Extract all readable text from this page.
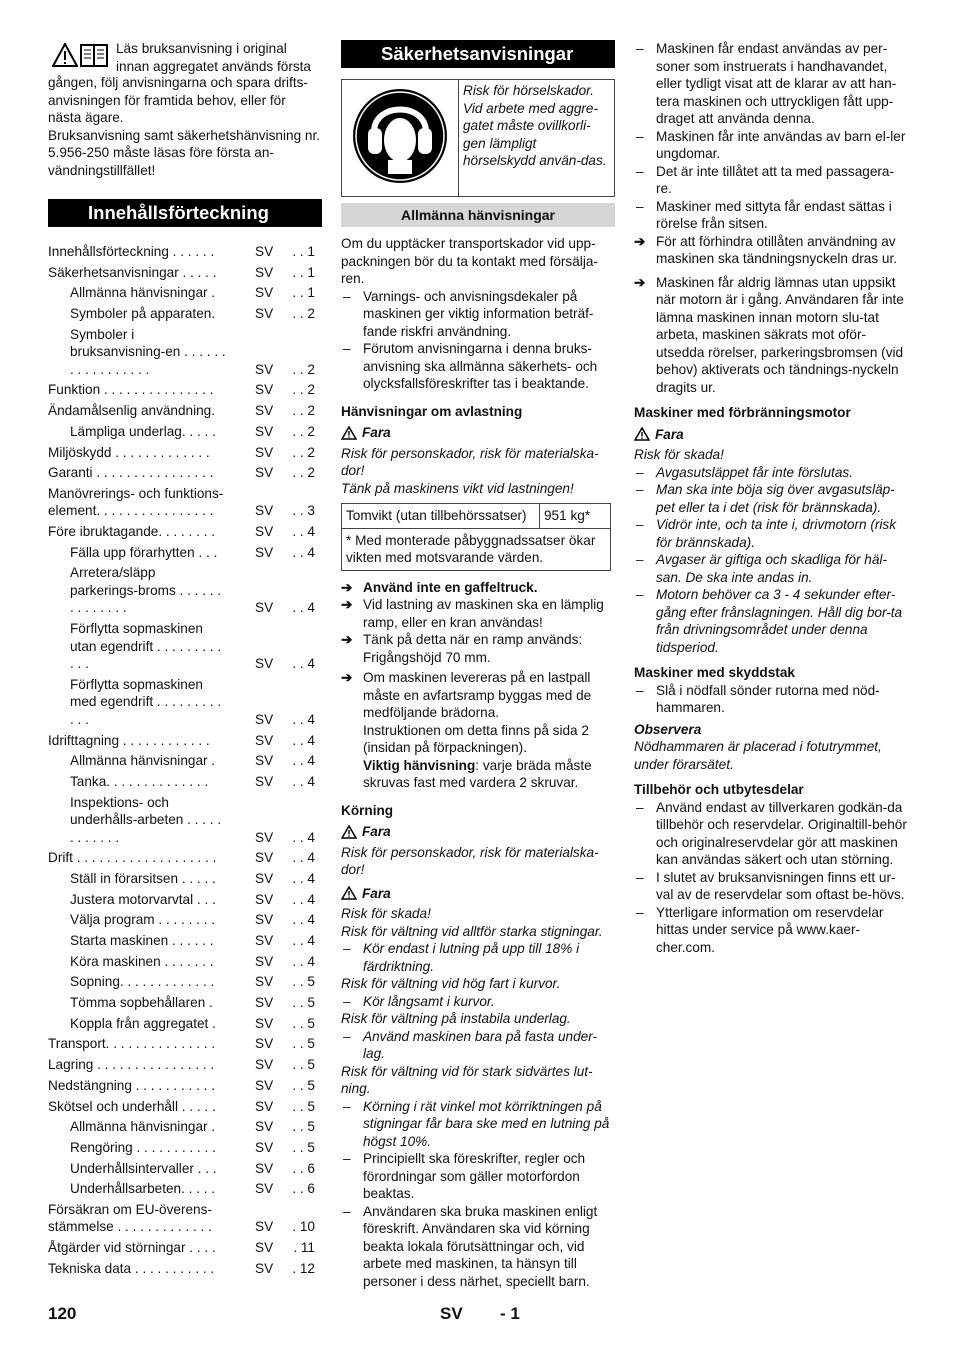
Läs bruksanvisning i original

innan aggregatet används första

gången, följ anvisningarna och spara drifts-anvisningen för framtida behov, eller för nästa ägare.

Bruksanvisning samt säkerhetshänvisning nr. 5.956-250 måste läsas före första an-vändningstillfället!

Innehållsförteckning
Innehållsförteckning . . . . . .	SV	. . 1
Säkerhetsanvisningar . . . . .	SV	. . 1
Allmänna hänvisningar .	SV	. . 1
Symboler på apparaten.	SV	. . 2
Symboler i bruksanvisning-en . . . . . . . . . . . . . . . . .	SV	. . 2
Funktion . . . . . . . . . . . . . . .	SV	. . 2
Ändamålsenlig användning.	SV	. . 2
Lämpliga underlag. . . . .	SV	. . 2
Miljöskydd . . . . . . . . . . . . .	SV	. . 2
Garanti . . . . . . . . . . . . . . . .	SV	. . 2
Manövrerings- och funktions-element. . . . . . . . . . . . . . . .	SV	. . 3
Före ibruktagande. . . . . . . .	SV	. . 4
Fälla upp förarhytten . . .	SV	. . 4
Arretera/släpp parkerings-broms . . . . . . . . . . . . . .	SV	. . 4
Förflytta sopmaskinen utan egendrift . . . . . . . . . . . .	SV	. . 4
Förflytta sopmaskinen med egendrift . . . . . . . . . . . .	SV	. . 4
Idrifttagning . . . . . . . . . . . .	SV	. . 4
Allmänna hänvisningar .	SV	. . 4
Tanka. . . . . . . . . . . . . .	SV	. . 4
Inspektions- och underhålls-arbeten . . . . . . . . . . . .	SV	. . 4
Drift . . . . . . . . . . . . . . . . . . .	SV	. . 4
Ställ in förarsitsen . . . . .	SV	. . 4
Justera motorvarvtal . . .	SV	. . 4
Välja program . . . . . . . .	SV	. . 4
Starta maskinen . . . . . .	SV	. . 4
Köra maskinen . . . . . . .	SV	. . 4
Sopning. . . . . . . . . . . . .	SV	. . 5
Tömma sopbehållaren .	SV	. . 5
Koppla från aggregatet .	SV	. . 5
Transport. . . . . . . . . . . . . . .	SV	. . 5
Lagring . . . . . . . . . . . . . . . .	SV	. . 5
Nedstängning . . . . . . . . . . .	SV	. . 5
Skötsel och underhåll . . . . .	SV	. . 5
Allmänna hänvisningar .	SV	. . 5
Rengöring . . . . . . . . . . .	SV	. . 5
Underhållsintervaller . . .	SV	. . 6
Underhållsarbeten. . . . .	SV	. . 6
Försäkran om EU-överens-stämmelse . . . . . . . . . . . . .	SV	. 10
Åtgärder vid störningar . . . .	SV	. 11
Tekniska data . . . . . . . . . . .	SV	. 12
Säkerhetsanvisningar
	Risk för hörselskador. Vid arbete med aggre-gatet måste ovillkorli-gen lämpligt hörselskydd använ-das.
Allmänna hänvisningar

Om du upptäcker transportskador vid upp-packningen bör du ta kontakt med försälja-ren.

– Varnings- och anvisningsdekaler på maskinen ger viktig information beträf-fande riskfri användning.
– Förutom anvisningarna i denna bruks-anvisning ska allmänna säkerhets- och olycksfallsföreskrifter tas i beaktande.

Hänvisningar om avlastning

Fara

Risk för personskador, risk för materialska-dor!

Tänk på maskinens vikt vid lastningen!

Tomvikt (utan tillbehörssatser)	951 kg*
* Med monterade påbyggnadssatser ökar vikten med motsvarande värden.
➔ Använd inte en gaffeltruck.
➔ Vid lastning av maskinen ska en lämplig ramp, eller en kran användas!
➔ Tänk på detta när en ramp används: Frigångshöjd 70 mm.
➔ Om maskinen levereras på en lastpall måste en avfartsramp byggas med de medföljande brädorna.

Instruktionen om detta finns på sida 2 (insidan på förpackningen).

Viktig hänvisning: varje bräda måste skruvas fast med vardera 2 skruvar.

Körning

Fara

Risk för personskador, risk för materialska-dor!

Fara

Risk för skada!

Risk för vältning vid alltför starka stigningar.

– Kör endast i lutning på upp till 18% i färdriktning.

Risk för vältning vid hög fart i kurvor.

– Kör långsamt i kurvor.

Risk för vältning på instabila underlag.

– Använd maskinen bara på fasta under-lag.

Risk för vältning vid för stark sidvärtes lut-ning.

– Körning i rät vinkel mot körriktningen på stigningar får bara ske med en lutning på högst 10%.
– Principiellt ska föreskrifter, regler och förordningar som gäller motorfordon beaktas.
– Användaren ska bruka maskinen enligt föreskrift. Användaren ska vid körning beakta lokala förutsättningar och, vid arbete med maskinen, ta hänsyn till personer i dess närhet, speciellt barn.
– Maskinen får endast användas av per-soner som instruerats i handhavandet, eller tydligt visat att de klarar av att han-tera maskinen och uttryckligen fått upp-draget att använda denna.
– Maskinen får inte användas av barn el-ler ungdomar.
– Det är inte tillåtet att ta med passagera-re.
– Maskiner med sittyta får endast sättas i rörelse från sitsen.
➔ För att förhindra otillåten användning av maskinen ska tändningsnyckeln dras ur.
➔ Maskinen får aldrig lämnas utan uppsikt när motorn är i gång. Användaren får inte lämna maskinen innan motorn slu-tat arbeta, maskinen säkrats mot oför-utsedda rörelser, parkeringsbromsen (vid behov) aktiverats och tändnings-nyckeln dragits ur.

Maskiner med förbränningsmotor

Fara

Risk för skada!

– Avgasutsläppet får inte förslutas.
– Man ska inte böja sig över avgasutsläp-pet eller ta i det (risk för brännskada).
– Vidrör inte, och ta inte i, drivmotorn (risk för brännskada).
– Avgaser är giftiga och skadliga för häl-san. De ska inte andas in.
– Motorn behöver ca 3 - 4 sekunder efter-gång efter frånslagningen. Håll dig bor-ta från drivningsområdet under denna tidsperiod.

Maskiner med skyddstak

– Slå i nödfall sönder rutorna med nöd-hammaren.

Observera

Nödhammaren är placerad i fotutrymmet, under förarsätet.

Tillbehör och utbytesdelar

– Använd endast av tillverkaren godkän-da tillbehör och reservdelar. Originaltill-behör och originalreservdelar gör att maskinen kan användas säkert och utan störning.
– I slutet av bruksanvisningen finns ett ur-val av de reservdelar som oftast be-hövs.
– Ytterligare information om reservdelar hittas under service på www.kaer-cher.com.
120	SV - 1
